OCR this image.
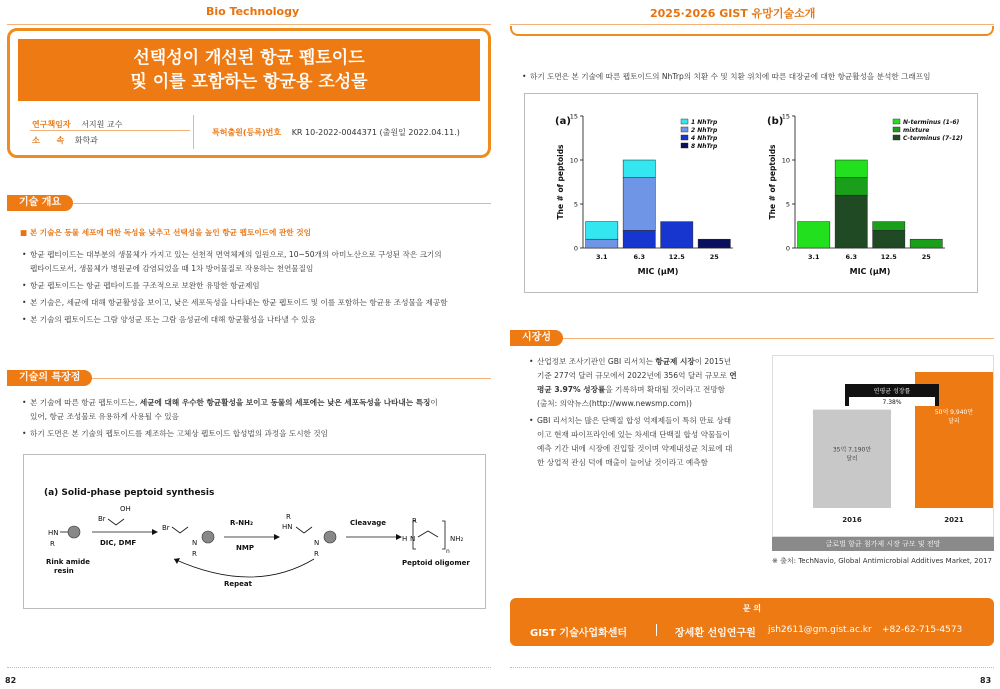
Bio Technology
선택성이 개선된 항균 펩토이드
및 이를 포함하는 항균용 조성물
연구책임자 서지원 교수
소      속 화학과
특허출원(등록)번호 KR 10-2022-0044371 (출원일 2022.04.11.)
기술 개요
■ 본 기술은 동물 세포에 대한 독성을 낮추고 선택성을 높인 항균 펩토이드에 관한 것임
• 항균 펩티이드는 대부분의 생물체가 가지고 있는 선천적 면역체계의 일원으로, 10~50개의 아미노산으로 구성된 작은 크기의
펩타이드로서, 생물체가 병원균에 감염되었을 때 1차 방어물질로 작용하는 천연물질임
• 항균 펩토이드는 항균 펩타이드를 구조적으로 보완한 유망한 항균제임
• 본 기술은, 세균에 대해 항균활성을 보이고, 낮은 세포독성을 나타내는 항균 펩토이드 및 이를 포함하는 항균용 조성물을 제공함
• 본 기술의 펩토이드는 그람 양성균 또는 그람 음성균에 대해 항균활성을 나타낼 수 있음
기술의 특장점
• 본 기술에 따른 항균 펩토이드는, 세균에 대해 우수한 항균활성을 보이고 동물의 세포에는 낮은 세포독성을 나타내는 특징이
있어, 항균 조성물로 유용하게 사용될 수 있음
• 하기 도면은 본 기술의 펩토이드를 제조하는 고체상 펩토이드 합성법의 과정을 도시한 것임
(a) Solid-phase peptoid synthesis
HN
R
Rink amide
resin
Br
OH
DIC, DMF
Br
N
R
R-NH₂
NMP
R
HN
N
R
Cleavage	R
H N
n
NH₂
Peptoid oligomer
Repeat
82
2025·2026 GIST 유망기술소개
• 하기 도면은 본 기술에 따른 펩토이드의 NhTrp의 치환 수 및 치환 위치에 따른 대장균에 대한 항균활성을 분석한 그래프임
(a)
0
5
10
15
The # of peptoids
3.1	6.3	12.5	25
MIC (μM)
1 NhTrp
2 NhTrp
4 NhTrp
8 NhTrp
(b)
0
5
10
15
The # of peptoids
3.1	6.3	12.5	25
MIC (μM)
N-terminus (1-6)
mixture
C-terminus (7-12)
시장성
• 산업정보 조사기관인 GBI 리서치는 항균제 시장이 2015년
기준 277억 달러 규모에서 2022년에 356억 달러 규모로 연
평균 3.97% 성장률을 기록하며 확대될 것이라고 전망함
(출처: 의약뉴스(http://www.newsmp.com))
• GBI 리서치는 많은 단백질 합성 억제제들이 특허 만료 상태
이고 현재 파이프라인에 있는 차세대 단백질 합성 약물들이
예측 기간 내에 시장에 진입할 것이며 약제내성균 치료에 대
한 상업적 관심 덕에 매출이 늘어날 것이라고 예측함
35억 7,190만
달러
2016
50억 9,940만
달러
2021
연평균 성장률
7.38%
글로벌 항균 첨가제 시장 규모 및 전망
※ 출처: TechNavio, Global Antimicrobial Additives Market, 2017
문 의
GIST 기술사업화센터	장세환 선임연구원 jsh2611@gm.gist.ac.kr +82-62-715-4573
83
